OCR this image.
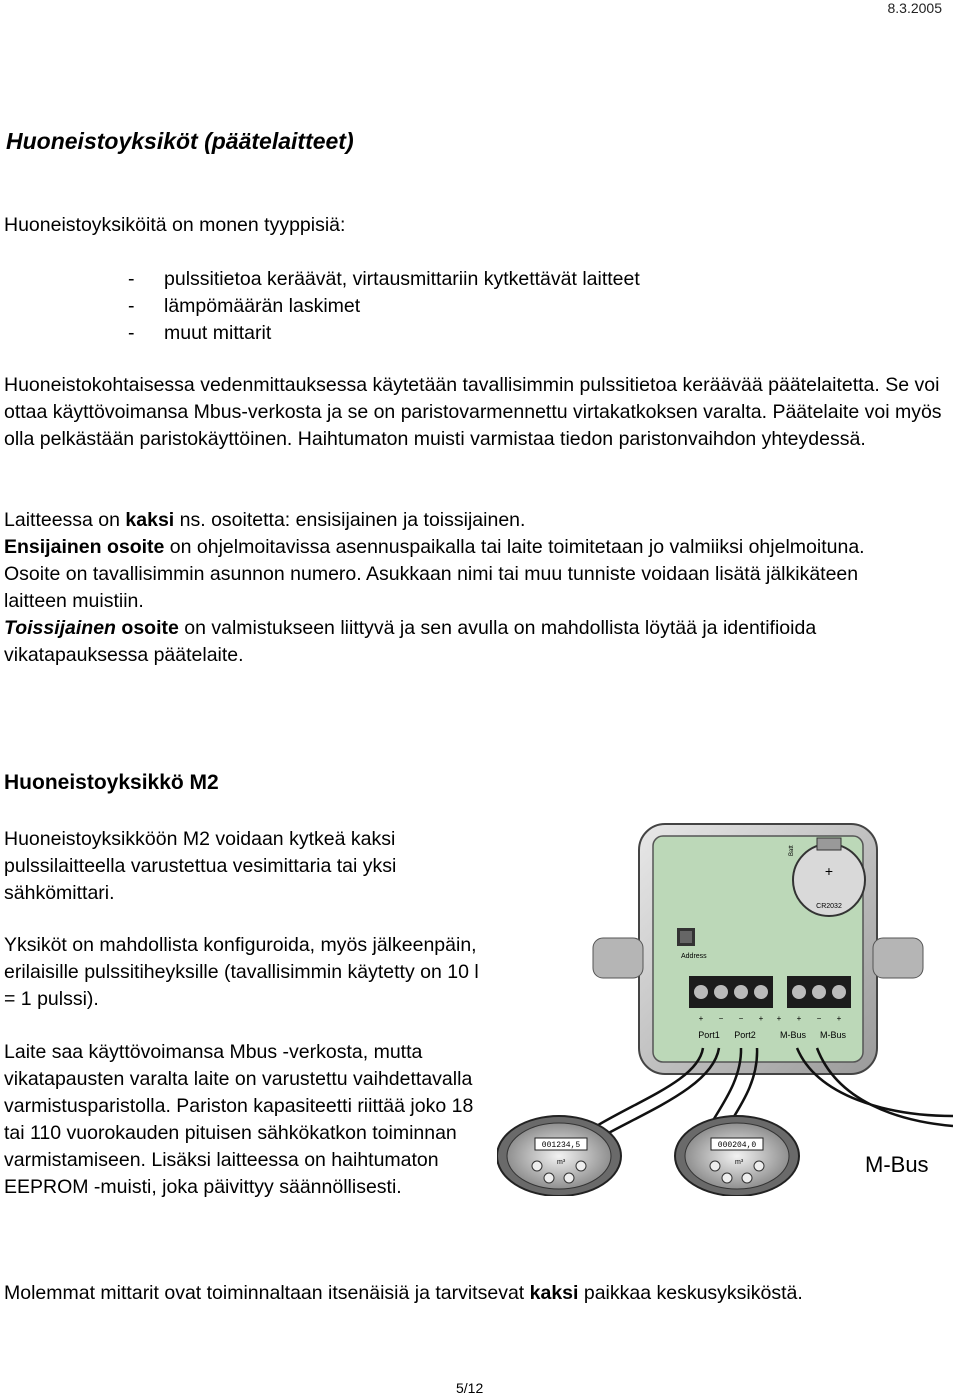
8.3.2005
Huoneistoyksiköt (päätelaitteet)

Huoneistoyksiköitä on monen tyyppisiä:

-	pulssitietoa keräävät, virtausmittariin kytkettävät laitteet
-	lämpömäärän laskimet
-	muut mittarit

Huoneistokohtaisessa vedenmittauksessa käytetään tavallisimmin pulssitietoa keräävää päätelaitetta. Se voi ottaa käyttövoimansa Mbus-verkosta ja se on paristovarmennettu virtakatkoksen varalta. Päätelaite voi myös olla pelkästään paristokäyttöinen. Haihtumaton muisti varmistaa tiedon paristonvaihdon yhteydessä.

Laitteessa on kaksi ns. osoitetta: ensisijainen ja toissijainen.

Ensijainen osoite on ohjelmoitavissa asennuspaikalla tai laite toimitetaan jo valmiiksi ohjelmoituna. Osoite on tavallisimmin asunnon numero. Asukkaan nimi tai muu tunniste voidaan lisätä jälkikäteen laitteen muistiin.

Toissijainen osoite on valmistukseen liittyvä ja sen avulla on mahdollista löytää ja identifioida vikatapauksessa päätelaite.

Huoneistoyksikkö M2

Huoneistoyksikköön M2 voidaan kytkeä kaksi pulssilaitteella varustettua vesimittaria tai yksi sähkömittari.

Yksiköt on mahdollista konfiguroida, myös jälkeenpäin, erilaisille pulssitiheyksille (tavallisimmin käytetty on 10 l = 1 pulssi).

Laite saa käyttövoimansa Mbus -verkosta, mutta vikatapausten varalta laite on varustettu vaihdettavalla varmistusparistolla. Pariston kapasiteetti riittää joko 18 tai 110 vuorokauden pituisen sähkökatkon toiminnan varmistamiseen. Lisäksi laitteessa on haihtumaton EEPROM -muisti, joka päivittyy säännöllisesti.

Molemmat mittarit ovat toiminnaltaan itsenäisiä ja tarvitsevat kaksi paikkaa keskusyksiköstä.

+
CR2032
Batt
Address
+ − − + + + − +
Port1 Port2	M-Bus M-Bus
001234,5
m³
000204,0
m³	M-Bus
5/12
